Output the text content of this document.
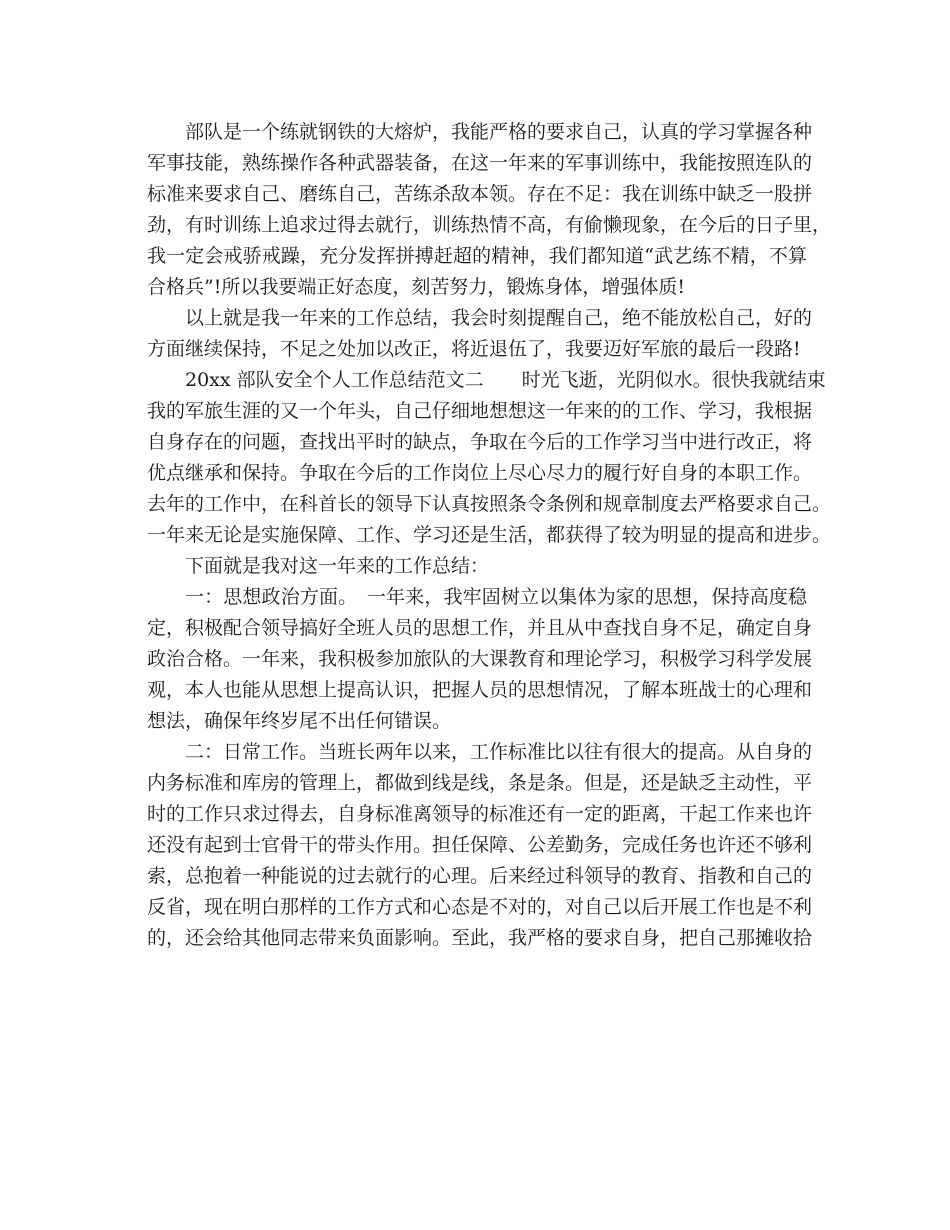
部队是一个练就钢铁的大熔炉，我能严格的要求自己，认真的学习掌握各种

军事技能，熟练操作各种武器装备，在这一年来的军事训练中，我能按照连队的

标准来要求自己、磨练自己，苦练杀敌本领。存在不足：我在训练中缺乏一股拼

劲，有时训练上追求过得去就行，训练热情不高，有偷懒现象，在今后的日子里，

我一定会戒骄戒躁，充分发挥拼搏赶超的精神，我们都知道“武艺练不精，不算

合格兵”!所以我要端正好态度，刻苦努力，锻炼身体，增强体质!

以上就是我一年来的工作总结，我会时刻提醒自己，绝不能放松自己，好的

方面继续保持，不足之处加以改正，将近退伍了，我要迈好军旅的最后一段路!

20xx 部队安全个人工作总结范文二　　时光飞逝，光阴似水。很快我就结束

我的军旅生涯的又一个年头，自己仔细地想想这一年来的的工作、学习，我根据

自身存在的问题，查找出平时的缺点，争取在今后的工作学习当中进行改正，将

优点继承和保持。争取在今后的工作岗位上尽心尽力的履行好自身的本职工作。

去年的工作中，在科首长的领导下认真按照条令条例和规章制度去严格要求自己。

一年来无论是实施保障、工作、学习还是生活，都获得了较为明显的提高和进步。

下面就是我对这一年来的工作总结：

一：思想政治方面。　一年来，我牢固树立以集体为家的思想，保持高度稳

定，积极配合领导搞好全班人员的思想工作，并且从中查找自身不足，确定自身

政治合格。一年来，我积极参加旅队的大课教育和理论学习，积极学习科学发展

观，本人也能从思想上提高认识，把握人员的思想情况，了解本班战士的心理和

想法，确保年终岁尾不出任何错误。

二：日常工作。当班长两年以来，工作标准比以往有很大的提高。从自身的

内务标准和库房的管理上，都做到线是线，条是条。但是，还是缺乏主动性，平

时的工作只求过得去，自身标准离领导的标准还有一定的距离，干起工作来也许

还没有起到士官骨干的带头作用。担任保障、公差勤务，完成任务也许还不够利

索，总抱着一种能说的过去就行的心理。后来经过科领导的教育、指教和自己的

反省，现在明白那样的工作方式和心态是不对的，对自己以后开展工作也是不利

的，还会给其他同志带来负面影响。至此，我严格的要求自身，把自己那摊收拾
